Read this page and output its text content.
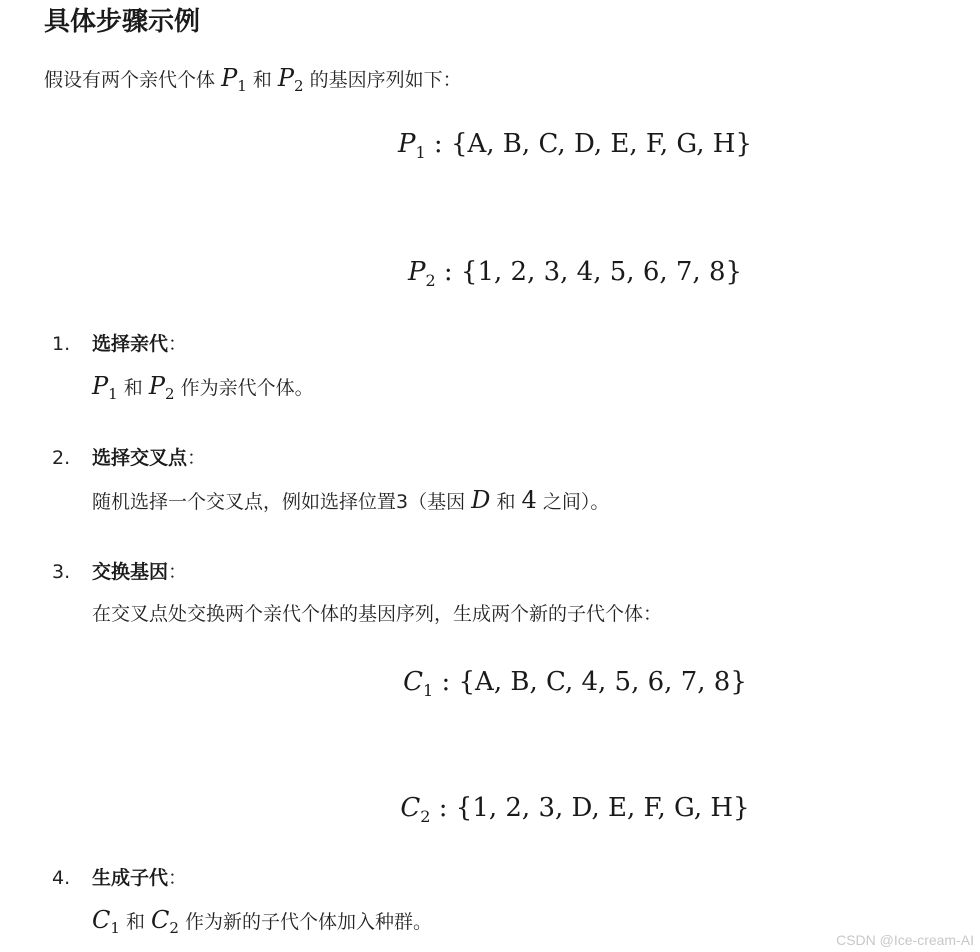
具体步骤示例

假设有两个亲代个体 $P_1$ 和 $P_2$ 的基因序列如下：

$P_1$ : {A, B, C, D, E, F, G, H}

$P_2$ : {1, 2, 3, 4, 5, 6, 7, 8}

1. 选择亲代：

$P_1$ 和 $P_2$ 作为亲代个体。

2. 选择交叉点：

随机选择一个交叉点，例如选择位置3（基因 D 和 4 之间）。

3. 交换基因：

在交叉点处交换两个亲代个体的基因序列，生成两个新的子代个体：

$C_1$ : {A, B, C, 4, 5, 6, 7, 8}

$C_2$ : {1, 2, 3, D, E, F, G, H}

4. 生成子代：

$C_1$ 和 $C_2$ 作为新的子代个体加入种群。

CSDN @Ice-cream-AI
